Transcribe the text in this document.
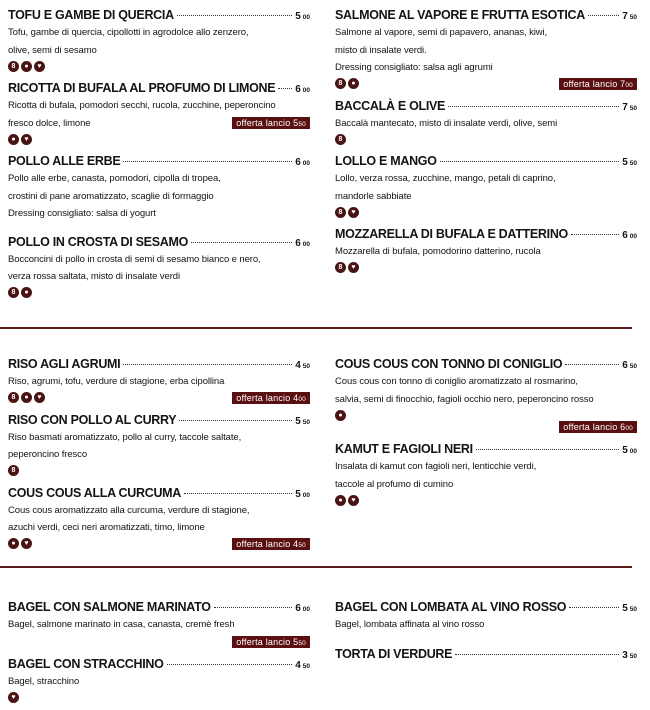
TOFU E GAMBE DI QUERCIA	5 00
Tofu, gambe di quercia, cipollotti in agrodolce allo zenzero,
olive, semi di sesamo
8	●	♥
RICOTTA DI BUFALA AL PROFUMO DI LIMONE 6 00
Ricotta di bufala, pomodori secchi, rucola, zucchine, peperoncino
fresco dolce, limone	offerta lancio 550
●	♥
POLLO ALLE ERBE	6 00
Pollo alle erbe, canasta, pomodori, cipolla di tropea,
crostini di pane aromatizzato, scaglie di formaggio
Dressing consigliato: salsa di yogurt
POLLO IN CROSTA DI SESAMO	6 00
Bocconcini di pollo in crosta di semi di sesamo bianco e nero,
verza rossa saltata, misto di insalate verdi
8	●
SALMONE AL VAPORE E FRUTTA ESOTICA	7 50
Salmone al vapore, semi di papavero, ananas, kiwi,
misto di insalate verdi.
Dressing consigliato: salsa agli agrumi
8	●	offerta lancio 700
BACCALÀ E OLIVE	7 50
Baccalà mantecato, misto di insalate verdi, olive, semi
8
LOLLO E MANGO	5 50
Lollo, verza rossa, zucchine, mango, petali di caprino,
mandorle sabbiate
8	♥
MOZZARELLA DI BUFALA E DATTERINO	6 00
Mozzarella di bufala, pomodorino datterino, rucola
8	♥
RISO AGLI AGRUMI	4 50
Riso, agrumi, tofu, verdure di stagione, erba cipollina
8	●	♥	offerta lancio 400
RISO CON POLLO AL CURRY	5 50
Riso basmati aromatizzato, pollo al curry, taccole saltate,
peperoncino fresco
8
COUS COUS ALLA CURCUMA	5 00
Cous cous aromatizzato alla curcuma, verdure di stagione,
azuchi verdi, ceci neri aromatizzati, timo, limone
●	♥	offerta lancio 450
COUS COUS CON TONNO DI CONIGLIO	6 50
Cous cous con tonno di coniglio aromatizzato al rosmarino,
salvia, semi di finocchio, fagioli occhio nero, peperoncino rosso
●
offerta lancio 600
KAMUT E FAGIOLI NERI	5 00
Insalata di kamut con fagioli neri, lenticchie verdi,
taccole al profumo di cumino
●	♥
BAGEL CON SALMONE MARINATO	6 00
Bagel, salmone marinato in casa, canasta, cremè fresh
offerta lancio 550
BAGEL CON STRACCHINO	4 50
Bagel, stracchino
♥
BAGEL CON LOMBATA AL VINO ROSSO	5 50
Bagel, lombata affinata al vino rosso
TORTA DI VERDURE	3 50
